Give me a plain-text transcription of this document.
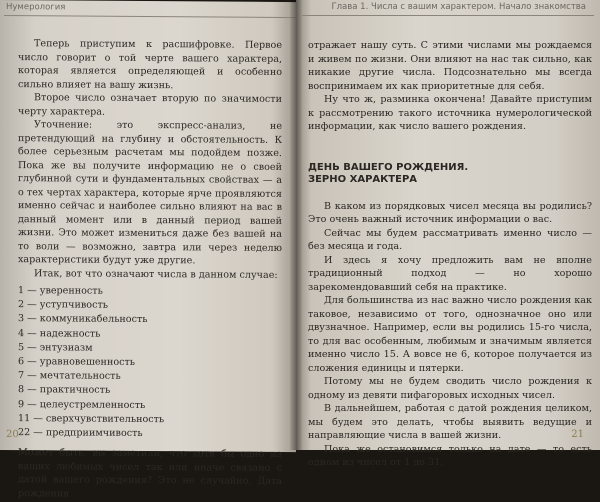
Нумерология

Теперь приступим к расшифровке. Первое число говорит о той черте вашего характера, которая является определяющей и особенно сильно влияет на вашу жизнь.

Второе число означает вторую по значимости черту характера.

Уточнение: это экспресс-анализ, не претендующий на глубину и обстоятельность. К более серьезным расчетам мы подойдем позже. Пока же вы получите информацию не о своей глубинной сути и фундаментальных свойствах — а о тех чертах характера, которые ярче проявляются именно сейчас и наиболее сильно влияют на вас в данный момент или в данный период вашей жизни. Это может измениться даже без вашей на то воли — возможно, завтра или через неделю характеристики будут уже другие.

Итак, вот что означают числа в данном случае:

1 — уверенность
2 — уступчивость
3 — коммуникабельность
4 — надежность
5 — энтузиазм
6 — уравновешенность
7 — мечтательность
8 — практичность
9 — целеустремленность
11 — сверхчувствительность
22 — предприимчивость

Может быть, вы заметили, что хотя бы одно из ваших любимых чисел так или иначе связано с датой вашего рождения? Это не случайно. Дата рождения

20
Глава 1. Числа с вашим характером. Начало знакомства

отражает нашу суть. С этими числами мы рождаемся и живем по жизни. Они влияют на нас так сильно, как никакие другие числа. Подсознательно мы всегда воспринимаем их как приоритетные для себя.

Ну что ж, разминка окончена! Давайте приступим к рассмотрению такого источника нумерологической информации, как число вашего рождения.

ДЕНЬ ВАШЕГО РОЖДЕНИЯ.
ЗЕРНО ХАРАКТЕРА

В каком из порядковых чисел месяца вы родились? Это очень важный источник информации о вас.

Сейчас мы будем рассматривать именно число — без месяца и года.

И здесь я хочу предложить вам не вполне традиционный подход — но хорошо зарекомендовавший себя на практике.

Для большинства из нас важно число рождения как таковое, независимо от того, однозначное оно или двузначное. Например, если вы родились 15-го числа, то для вас особенным, любимым и значимым является именно число 15. А вовсе не 6, которое получается из сложения единицы и пятерки.

Потому мы не будем сводить число рождения к одному из девяти пифагоровых исходных чисел.

В дальнейшем, работая с датой рождения целиком, мы будем это делать, чтобы выявить ведущие и направляющие числа в вашей жизни.

Пока же остановимся только на дате — то есть одном из чисел от 1 до 31.

21
